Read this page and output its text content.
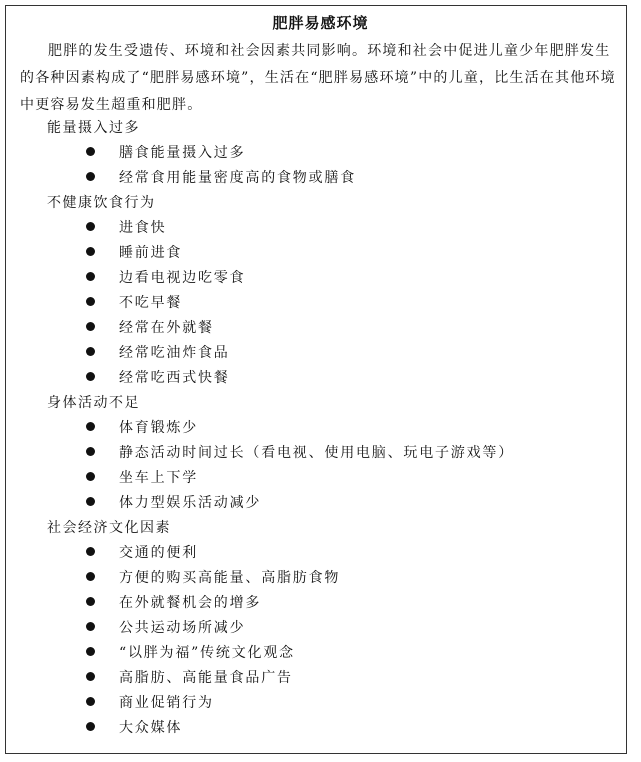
肥胖易感环境

肥胖的发生受遗传、环境和社会因素共同影响。环境和社会中促进儿童少年肥胖发生的各种因素构成了“肥胖易感环境”，生活在“肥胖易感环境”中的儿童，比生活在其他环境中更容易发生超重和肥胖。

能量摄入过多
膳食能量摄入过多
经常食用能量密度高的食物或膳食
不健康饮食行为
进食快
睡前进食
边看电视边吃零食
不吃早餐
经常在外就餐
经常吃油炸食品
经常吃西式快餐
身体活动不足
体育锻炼少
静态活动时间过长（看电视、使用电脑、玩电子游戏等）
坐车上下学
体力型娱乐活动减少
社会经济文化因素
交通的便利
方便的购买高能量、高脂肪食物
在外就餐机会的增多
公共运动场所减少
“以胖为福”传统文化观念
高脂肪、高能量食品广告
商业促销行为
大众媒体
